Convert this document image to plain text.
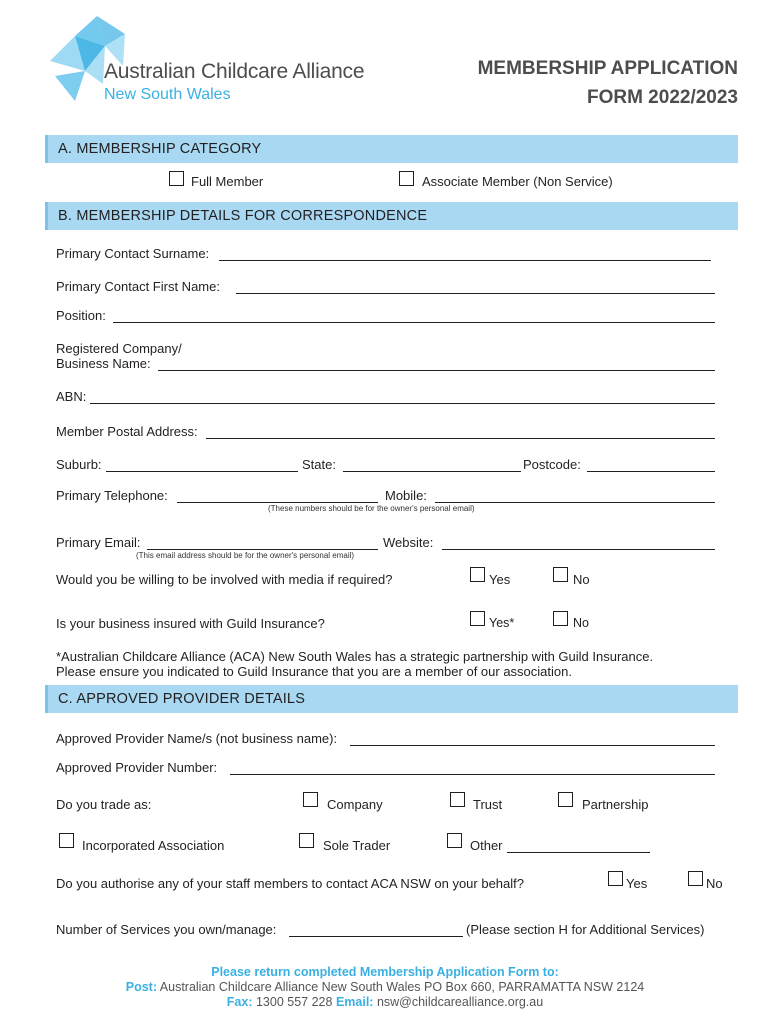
Australian Childcare Alliance
New South Wales
MEMBERSHIP APPLICATION
FORM 2022/2023
A. MEMBERSHIP CATEGORY
Full Member	Associate Member (Non Service)
B. MEMBERSHIP DETAILS FOR CORRESPONDENCE
Primary Contact Surname:
Primary Contact First Name:
Position:
Registered Company/
Business Name:
ABN:
Member Postal Address:
Suburb:	State:	Postcode:
Primary Telephone:	Mobile:
(These numbers should be for the owner's personal email)
Primary Email:	Website:
(This email address should be for the owner's personal email)
Would you be willing to be involved with media if required?	Yes	No
Is your business insured with Guild Insurance?	Yes*	No
*Australian Childcare Alliance (ACA) New South Wales has a strategic partnership with Guild Insurance.
Please ensure you indicated to Guild Insurance that you are a member of our association.
C. APPROVED PROVIDER DETAILS
Approved Provider Name/s (not business name):
Approved Provider Number:
Do you trade as:	Company	Trust	Partnership
Incorporated Association	Sole Trader	Other
Do you authorise any of your staff members to contact ACA NSW on your behalf?	Yes	No
Number of Services you own/manage:	(Please section H for Additional Services)
Please return completed Membership Application Form to:
Post: Australian Childcare Alliance New South Wales PO Box 660, PARRAMATTA NSW 2124
Fax: 1300 557 228 Email: nsw@childcarealliance.org.au
